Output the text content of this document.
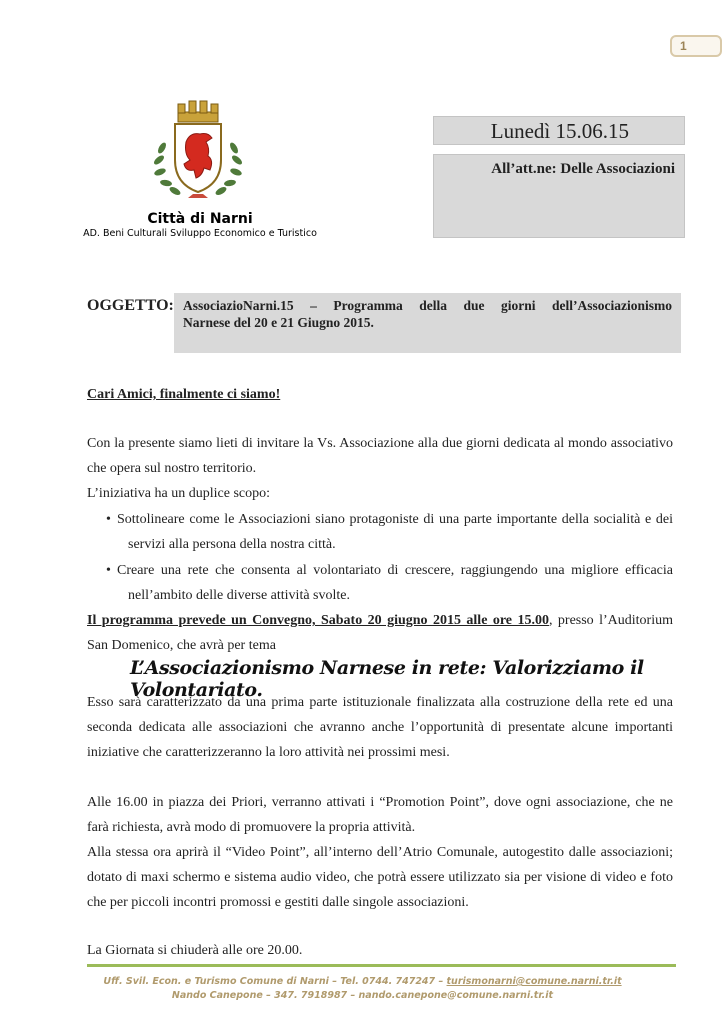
1
Città di Narni
AD. Beni Culturali Sviluppo Economico e Turistico
Lunedì 15.06.15
All’att.ne: Delle Associazioni
OGGETTO: AssociazioNarni.15 – Programma della due giorni dell’Associazionismo
Narnese del 20 e 21 Giugno 2015.
Cari Amici, finalmente ci siamo!
Con la presente siamo lieti di invitare la Vs. Associazione alla due giorni dedicata al mondo associativo
che opera sul nostro territorio.
L’iniziativa ha un duplice scopo:
• Sottolineare come le Associazioni siano protagoniste di una parte importante della socialità e dei
servizi alla persona della nostra città.
• Creare una rete che consenta al volontariato di crescere, raggiungendo una migliore efficacia
nell’ambito delle diverse attività svolte.
Il programma prevede un Convegno, Sabato 20 giugno 2015 alle ore 15.00, presso l’Auditorium
San Domenico, che avrà per tema
L’Associazionismo Narnese in rete: Valorizziamo il Volontariato.
Esso sarà caratterizzato da una prima parte istituzionale finalizzata alla costruzione della rete ed una
seconda dedicata alle associazioni che avranno anche l’opportunità di presentate alcune importanti
iniziative che caratterizzeranno la loro attività nei prossimi mesi.
Alle 16.00 in piazza dei Priori, verranno attivati i “Promotion Point”, dove ogni associazione, che ne
farà richiesta, avrà modo di promuovere la propria attività.
Alla stessa ora aprirà il “Video Point”, all’interno dell’Atrio Comunale, autogestito dalle associazioni;
dotato di maxi schermo e sistema audio video, che potrà essere utilizzato sia per visione di video e foto
che per piccoli incontri promossi e gestiti dalle singole associazioni.
La Giornata si chiuderà alle ore 20.00.
Uff. Svil. Econ. e Turismo Comune di Narni – Tel. 0744. 747247 – turismonarni@comune.narni.tr.it
Nando Canepone – 347. 7918987 – nando.canepone@comune.narni.tr.it
